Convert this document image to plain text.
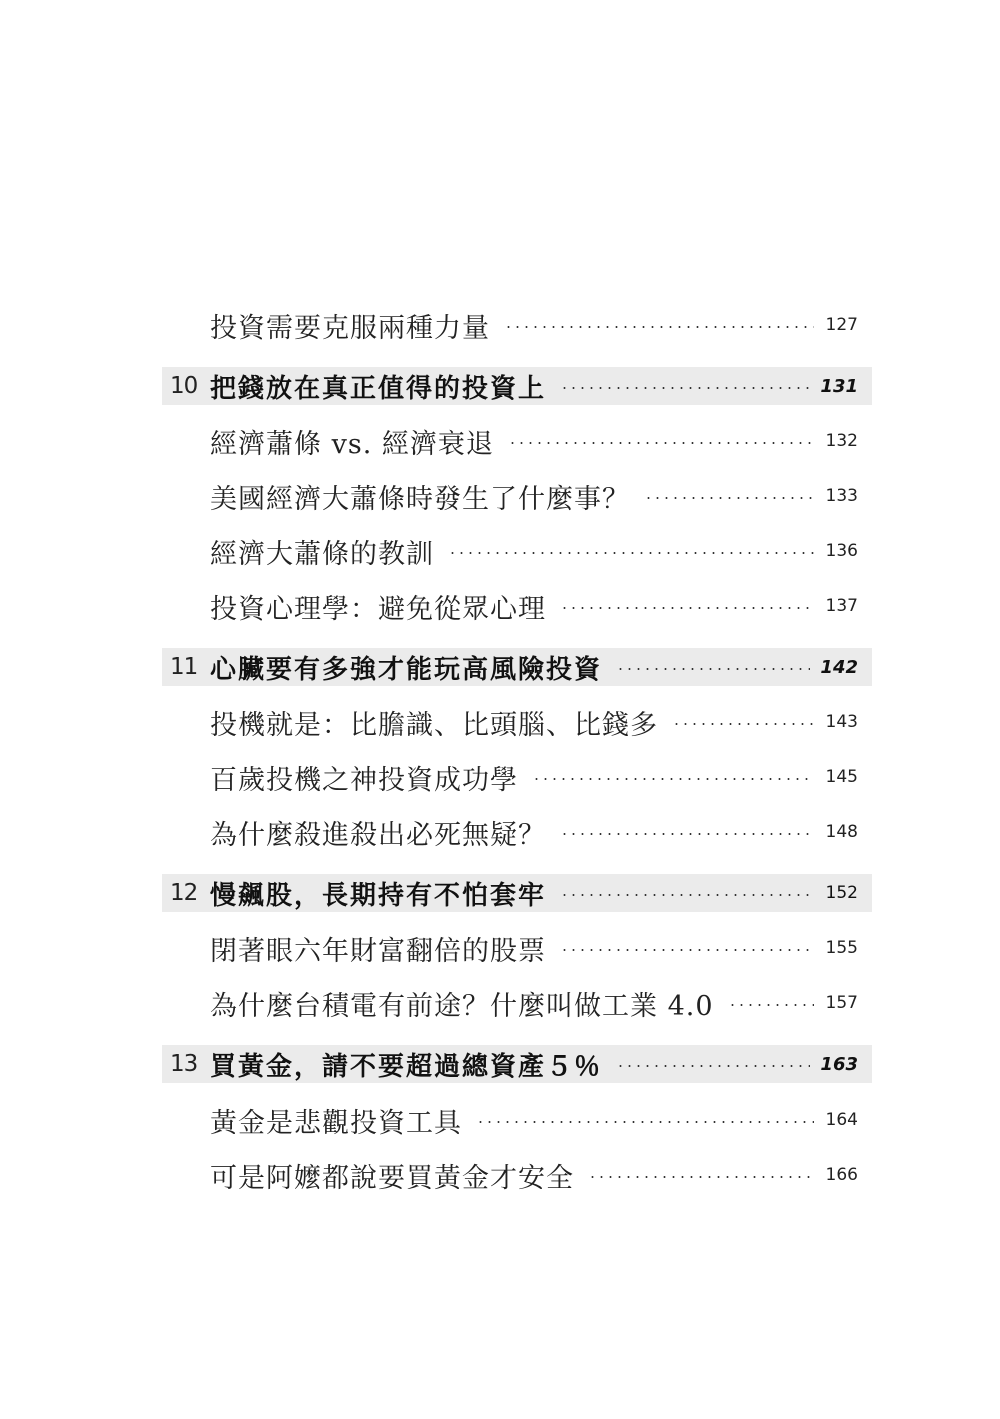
投資需要克服兩種力量	127
10 把錢放在真正值得的投資上	131
經濟蕭條 vs. 經濟衰退	132
美國經濟大蕭條時發生了什麼事？	133
經濟大蕭條的教訓	136
投資心理學：避免從眾心理	137
11 心臟要有多強才能玩高風險投資	142
投機就是：比膽識、比頭腦、比錢多	143
百歲投機之神投資成功學	145
為什麼殺進殺出必死無疑？	148
12 慢飆股，長期持有不怕套牢	152
閉著眼六年財富翻倍的股票	155
為什麼台積電有前途？什麼叫做工業 4.0	157
13 買黃金，請不要超過總資產５％	163
黃金是悲觀投資工具	164
可是阿嬤都說要買黃金才安全	166
